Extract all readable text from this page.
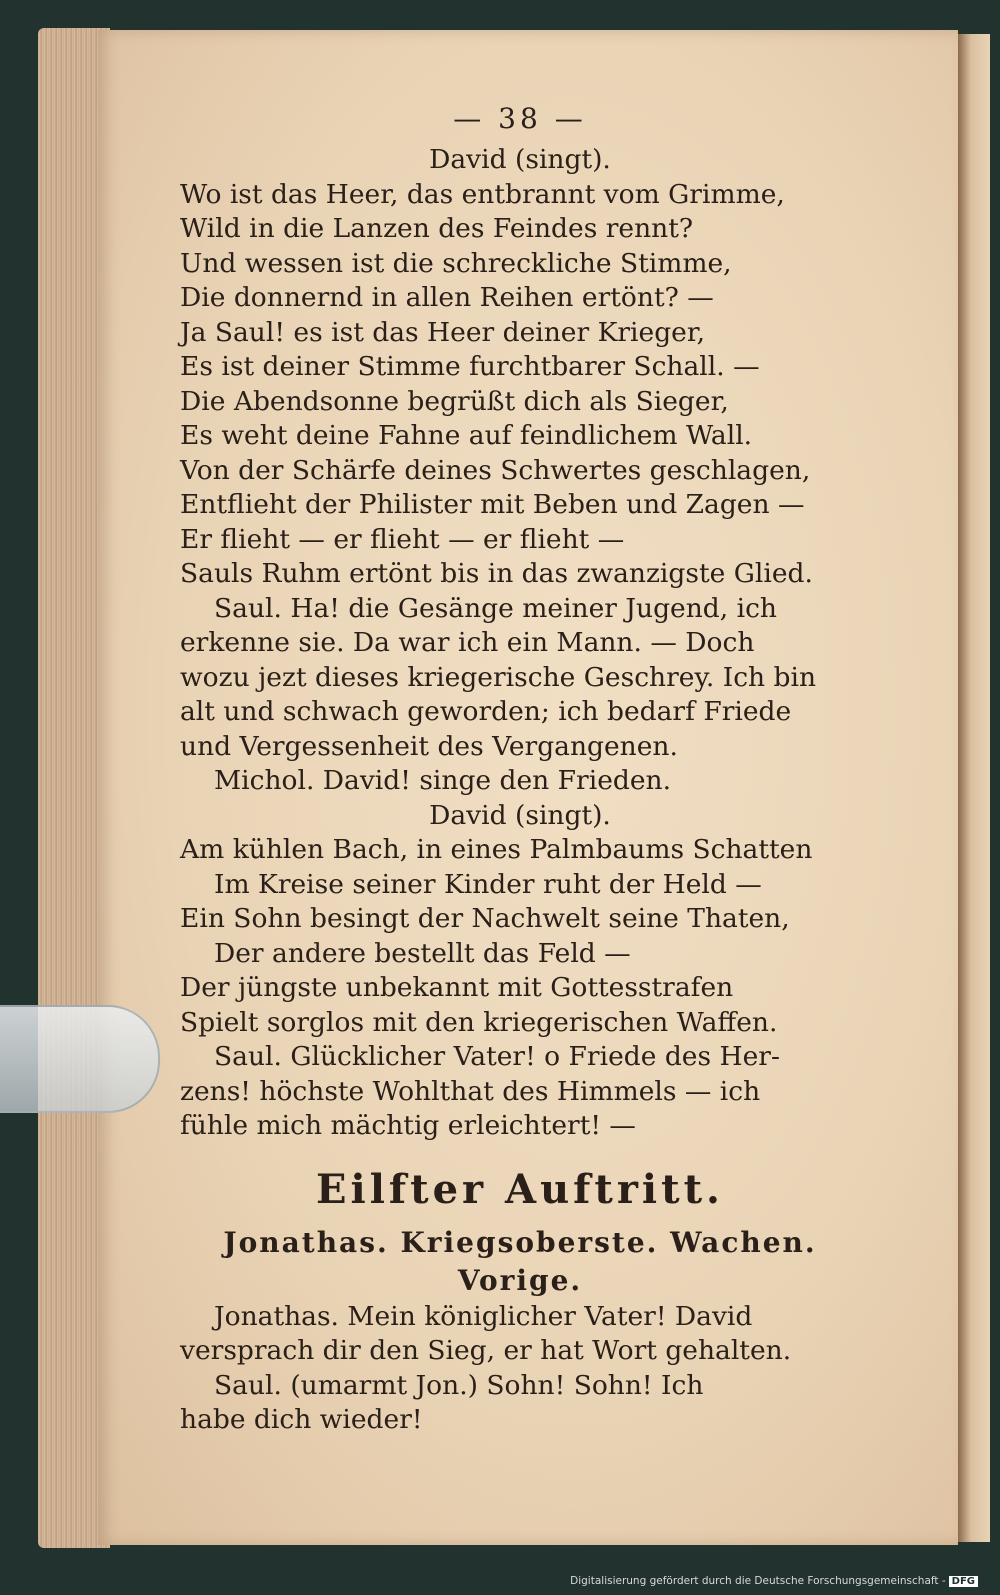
— 38 —
David (singt).
Wo ist das Heer, das entbrannt vom Grimme,
Wild in die Lanzen des Feindes rennt?
Und wessen ist die schreckliche Stimme,
Die donnernd in allen Reihen ertönt? —
Ja Saul! es ist das Heer deiner Krieger,
Es ist deiner Stimme furchtbarer Schall. —
Die Abendsonne begrüßt dich als Sieger,
Es weht deine Fahne auf feindlichem Wall.
Von der Schärfe deines Schwertes geschlagen,
Entflieht der Philister mit Beben und Zagen —
Er flieht — er flieht — er flieht —
Sauls Ruhm ertönt bis in das zwanzigste Glied.
Saul. Ha! die Gesänge meiner Jugend, ich
erkenne sie. Da war ich ein Mann. — Doch
wozu jezt dieses kriegerische Geschrey. Ich bin
alt und schwach geworden; ich bedarf Friede
und Vergessenheit des Vergangenen.
Michol. David! singe den Frieden.
David (singt).
Am kühlen Bach, in eines Palmbaums Schatten
Im Kreise seiner Kinder ruht der Held —
Ein Sohn besingt der Nachwelt seine Thaten,
Der andere bestellt das Feld —
Der jüngste unbekannt mit Gottesstrafen
Spielt sorglos mit den kriegerischen Waffen.
Saul. Glücklicher Vater! o Friede des Her-
zens! höchste Wohlthat des Himmels — ich
fühle mich mächtig erleichtert! —
Eilfter Auftritt.
Jonathas. Kriegsoberste. Wachen.
Vorige.
Jonathas. Mein königlicher Vater! David
versprach dir den Sieg, er hat Wort gehalten.
Saul. (umarmt Jon.) Sohn! Sohn! Ich
habe dich wieder!
Digitalisierung gefördert durch die Deutsche Forschungsgemeinschaft - DFG
